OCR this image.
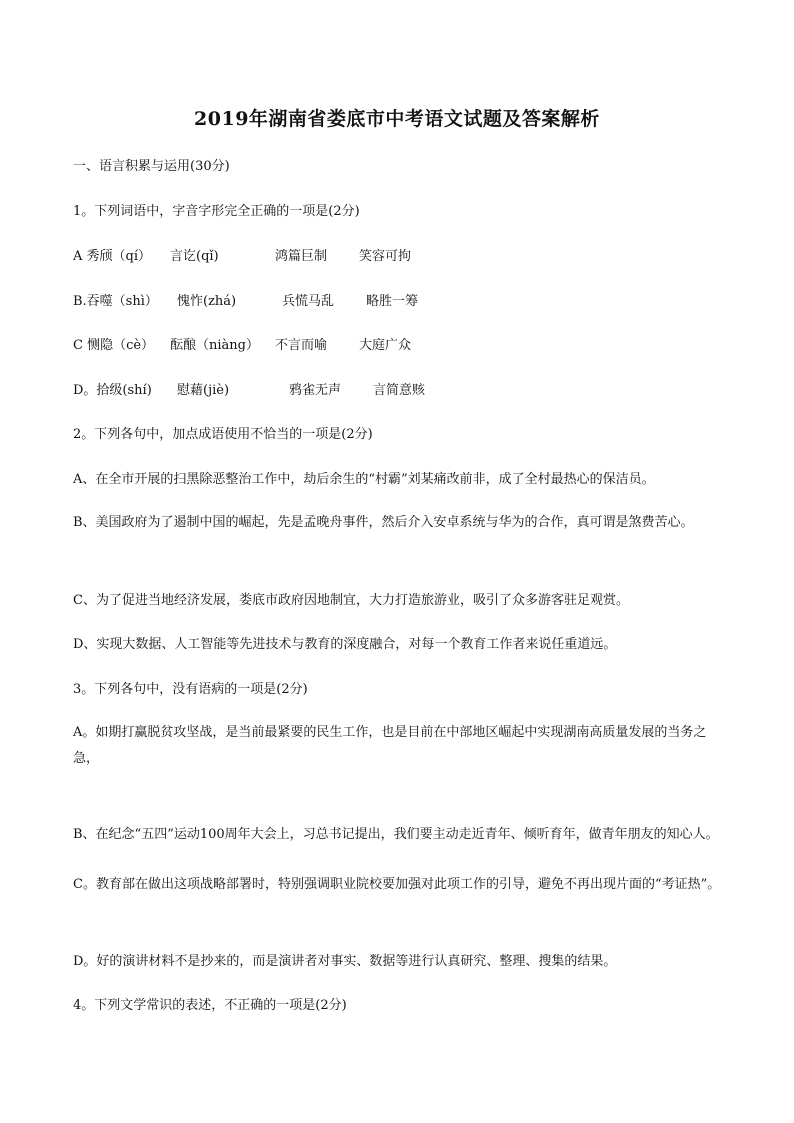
2019年湖南省娄底市中考语文试题及答案解析
一、语言积累与运用(30分)
1。下列词语中，字音字形完全正确的一项是(2分)
A 秀颀（qí） 言讫(qǐ)	鸿篇巨制 笑容可拘
B.吞噬（shì） 愧怍(zhá)	兵慌马乱 略胜一筹
C 恻隐（cè） 酝酿（niàng） 不言而喻 大庭广众
D。拾级(shí) 慰藉(jiè)	鸦雀无声 言简意赅
2。下列各句中，加点成语使用不恰当的一项是(2分)
A、在全市开展的扫黑除恶整治工作中，劫后余生的“村霸”刘某痛改前非，成了全村最热心的保洁员。
B、美国政府为了遏制中国的崛起，先是孟晚舟事件，然后介入安卓系统与华为的合作，真可谓是煞费苦心。
C、为了促进当地经济发展，娄底市政府因地制宜，大力打造旅游业，吸引了众多游客驻足观赏。
D、实现大数据、人工智能等先进技术与教育的深度融合，对每一个教育工作者来说任重道远。
3。下列各句中，没有语病的一项是(2分)
A。如期打赢脱贫攻坚战，是当前最紧要的民生工作，也是目前在中部地区崛起中实现湖南高质量发展的当务之急，
B、在纪念“五四”运动100周年大会上，习总书记提出，我们要主动走近青年、倾听育年，做青年朋友的知心人。
C。教育部在做出这项战略部署时，特别强调职业院校要加强对此项工作的引导，避免不再出现片面的“考证热”。
D。好的演讲材料不是抄来的，而是演讲者对事实、数据等进行认真研究、整理、搜集的结果。
4。下列文学常识的表述，不正确的一项是(2分)
